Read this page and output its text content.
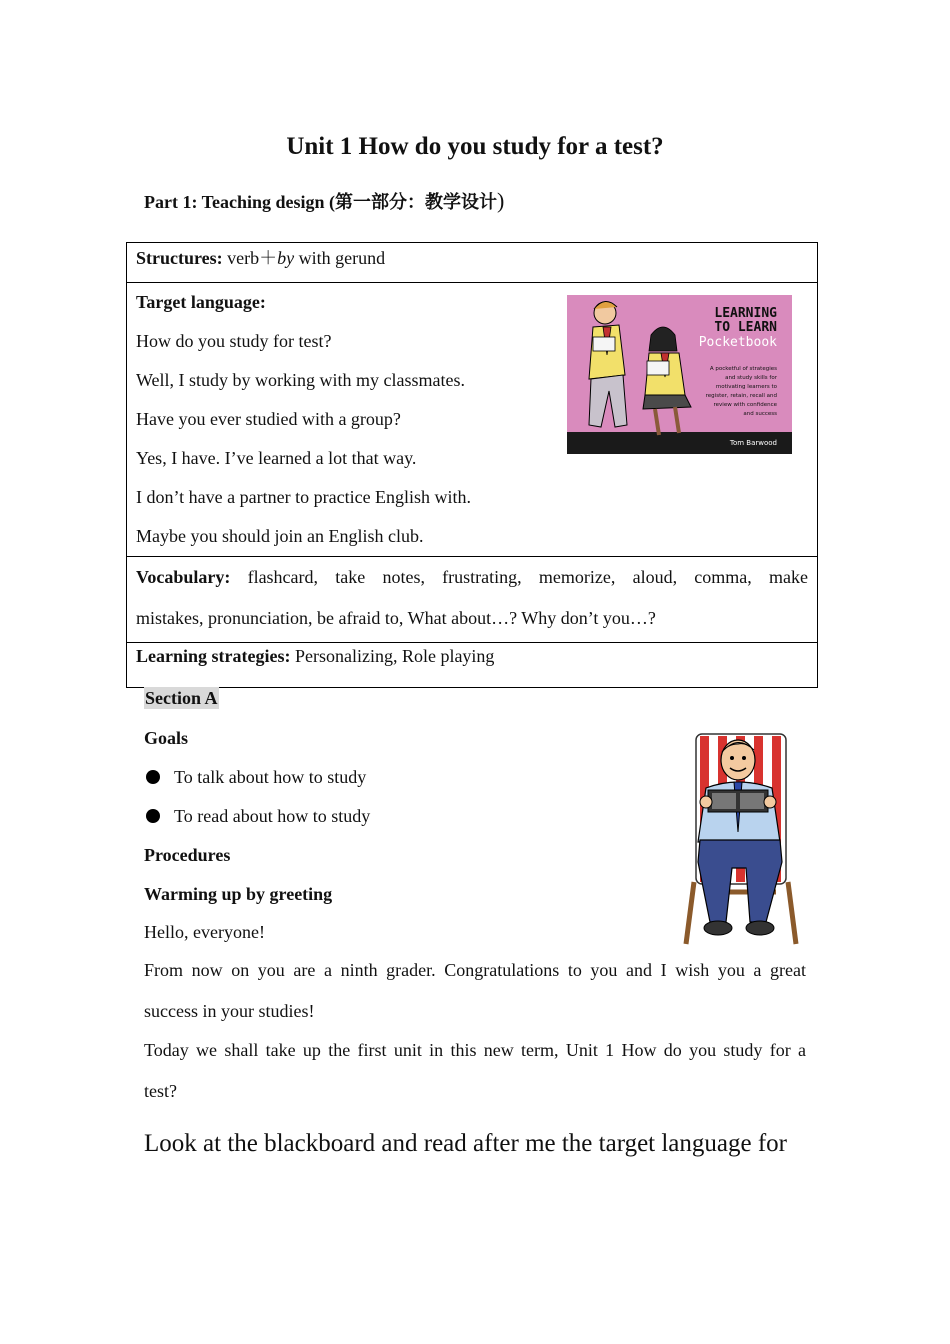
Unit 1 How do you study for a test?
Part 1: Teaching design (第一部分：教学设计)
Structures: verb＋by with gerund
Target language:
How do you study for test?
Well, I study by working with my classmates.
Have you ever studied with a group?
Yes, I have. I’ve learned a lot that way.
I don’t have a partner to practice English with.
Maybe you should join an English club.
LEARNING
TO LEARN
Pocketbook
A pocketful of strategies
and study skills for
motivating learners to
register, retain, recall and
review with confidence
and success
Tom Barwood
Vocabulary: flashcard, take notes, frustrating, memorize, aloud, comma, make
mistakes, pronunciation, be afraid to, What about…? Why don’t you…?
Learning strategies: Personalizing, Role playing
Section A
Goals
To talk about how to study
To read about how to study
Procedures
Warming up by greeting
Hello, everyone!
From now on you are a ninth grader. Congratulations to you and I wish you a great
success in your studies!
Today we shall take up the first unit in this new term, Unit 1 How do you study for a
test?
Look at the blackboard and read after me the target language for
